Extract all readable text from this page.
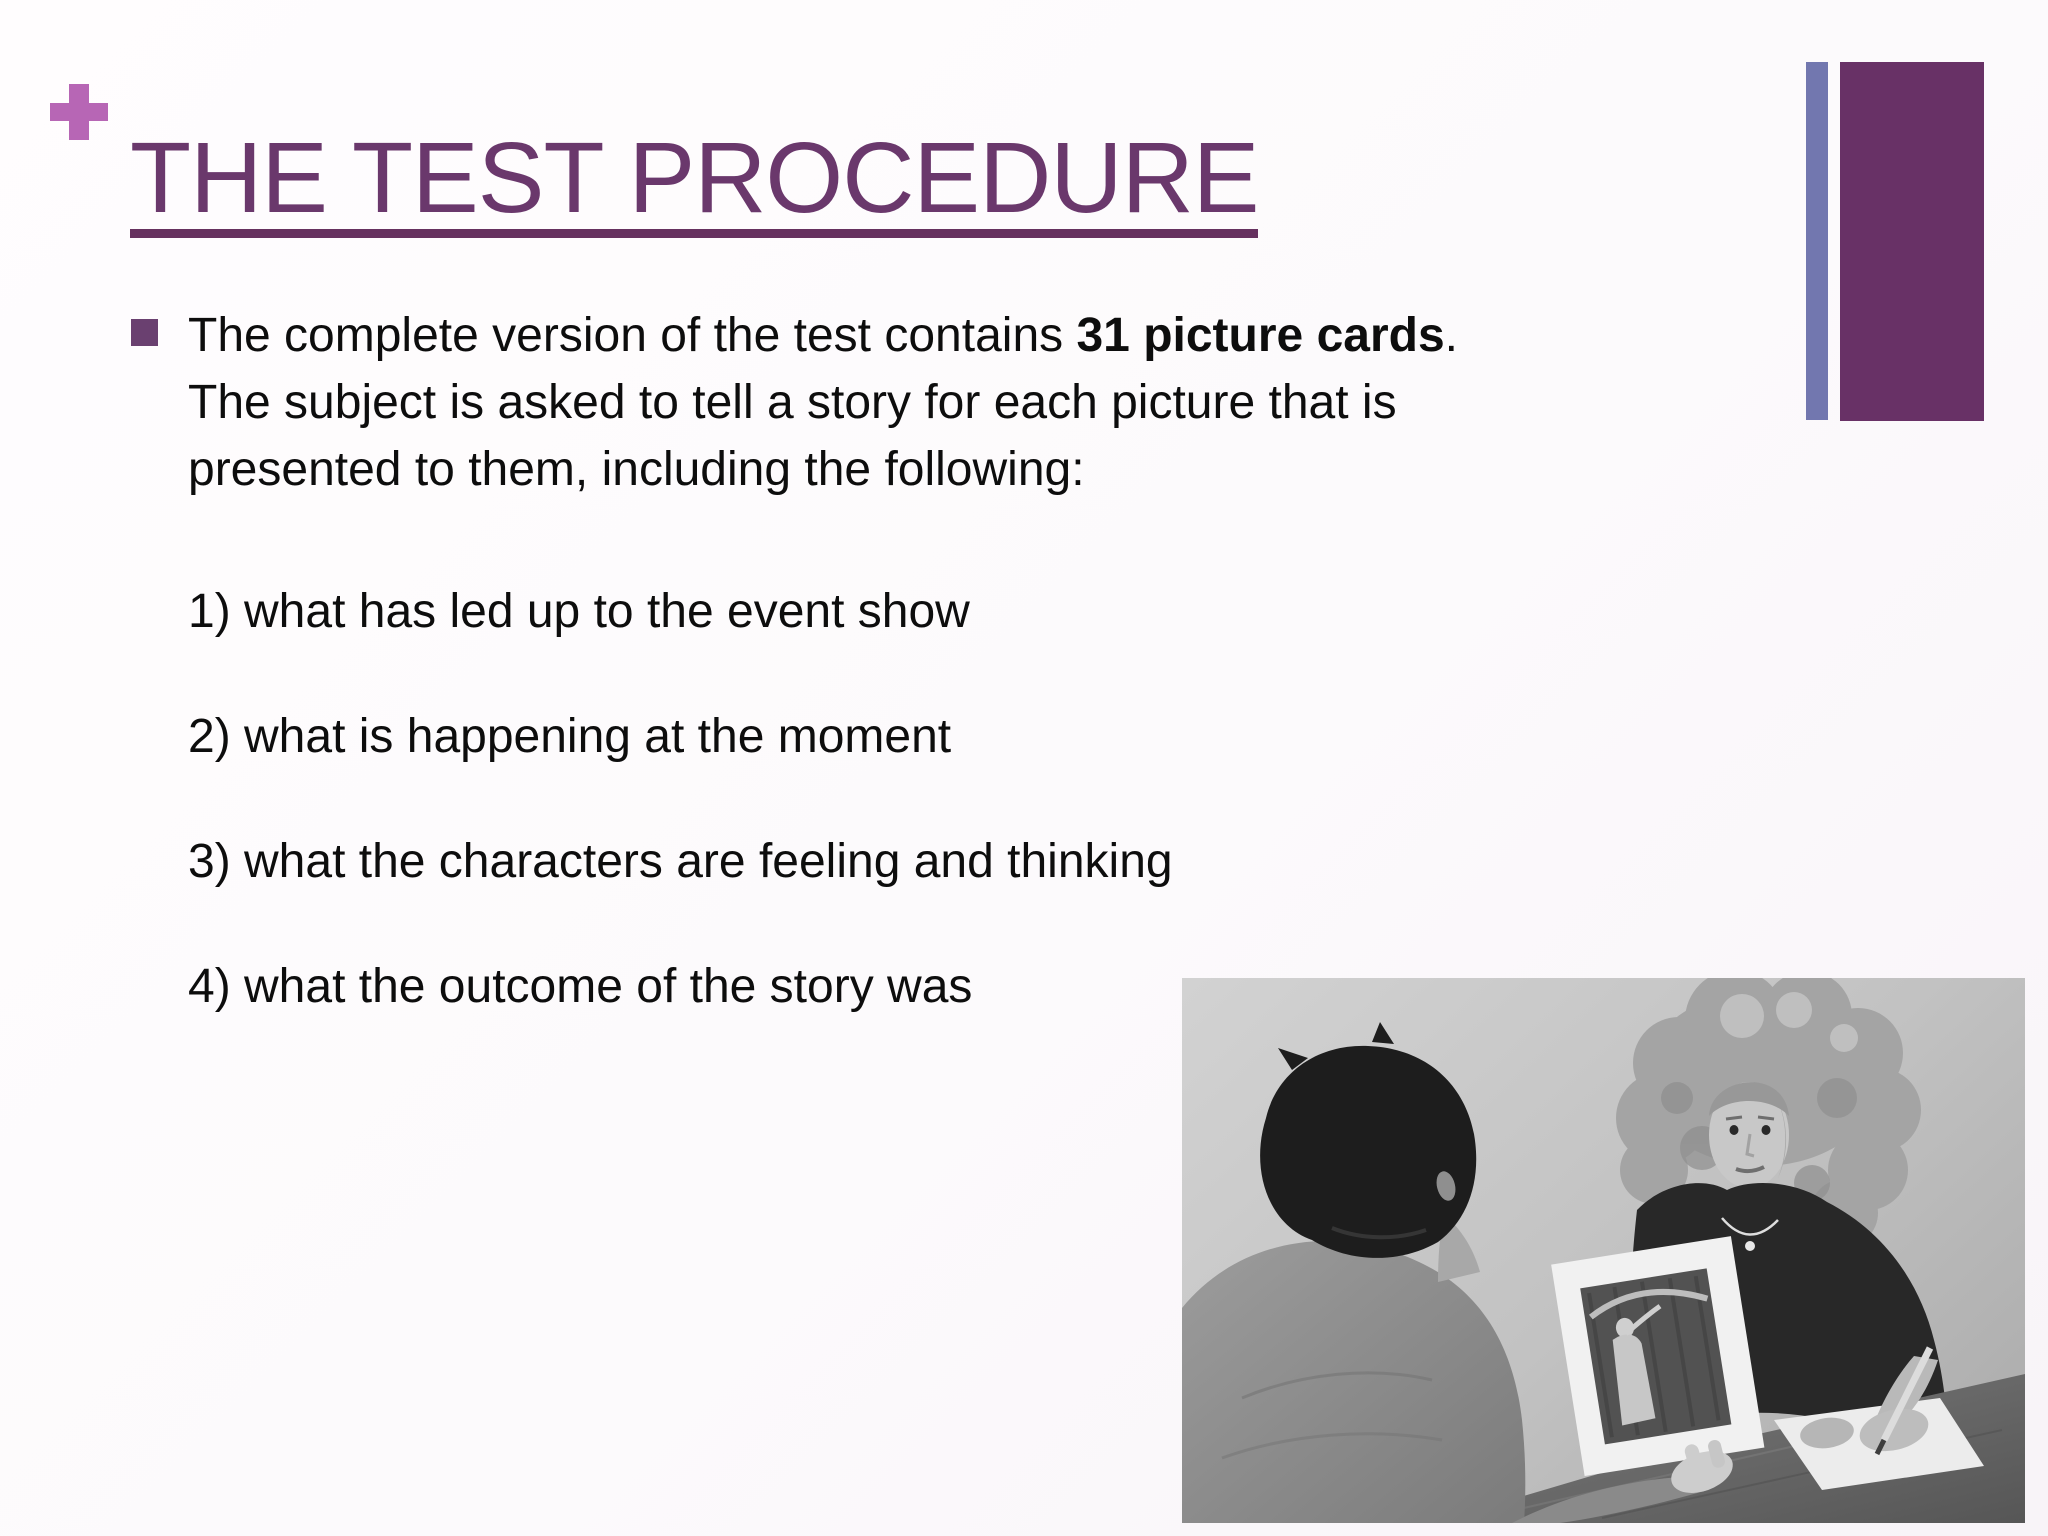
THE TEST PROCEDURE

The complete version of the test contains 31 picture cards.
The subject is asked to tell a story for each picture that is
presented to them, including the following:

1) what has led up to the event show
2) what is happening at the moment
3) what the characters are feeling and thinking
4) what the outcome of the story was
